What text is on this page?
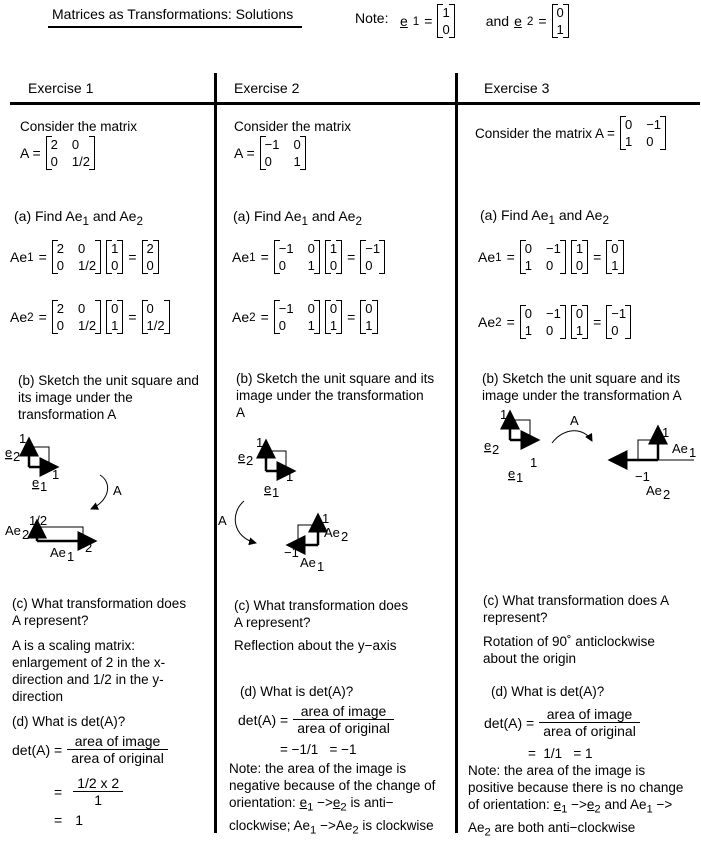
Matrices as Transformations: Solutions	Note: e 1 =
1
0
and e 2 =
0
1
Exercise 1	Exercise 2	Exercise 3
Consider the matrix
A =
2 0
0 1/2
(a) Find $Ae_1$ and $Ae_2$
Ae 1 =
2 0
0 1/2
1
0
=
2
0
Ae 2 =
2 0
0 1/2
0
1
=
0
1/2
(b) Sketch the unit square and
its image under the
transformation A
1
1
e 2
e 1	A
1/2
2
Ae 2
Ae 1
(c) What transformation does
A represent?
A is a scaling matrix:
enlargement of 2 in the x-
direction and 1/2 in the y-
direction
(d) What is det(A)?
$\det(A) = \frac{\text{area of image}}{\text{area of original}}$
= $\frac{1/2 x 2}{1}$
= 1
Consider the matrix
A =
−1 0
0	1
(a) Find $Ae_1$ and $Ae_2$
Ae 1 =
−1 0
0	1
1
0
=
−1
0
Ae 2 =
−1 0
0	1
0
1
=
0
1
(b) Sketch the unit square and its
image under the transformation
A
1
1
e 2
e 1
A	1
−1
Ae 2
Ae 1
(c) What transformation does
A represent?
Reflection about the y−axis
(d) What is det(A)?
$\det(A) = \frac{\text{area of image}}{\text{area of original}}$
= −1/1   = −1
Note: the area of the image is
negative because of the change of
orientation: $e_1 ->e_2$ is anti−
clockwise; $Ae_1 ->Ae_2$ is clockwise
Consider the matrix A =
0 −1
1 0
(a) Find $Ae_1$ and $Ae_2$
Ae 1 =
0 −1
1 0
1
0
=
0
1
Ae 2 =
0 −1
1 0
0
1
=
−1
0
(b) Sketch the unit square and its
image under the transformation A
1
1
e 2
e 1
A
1
−1
Ae 1
Ae 2
(c) What transformation does A
represent?
Rotation of 90˚ anticlockwise
about the origin
(d) What is det(A)?
$\det(A) = \frac{\text{area of image}}{\text{area of original}}$
=  1/1   = 1
Note: the area of the image is
positive because there is no change
of orientation: $e_1 ->e_2$ and $Ae_1$ −>
$Ae_2$ are both anti−clockwise
